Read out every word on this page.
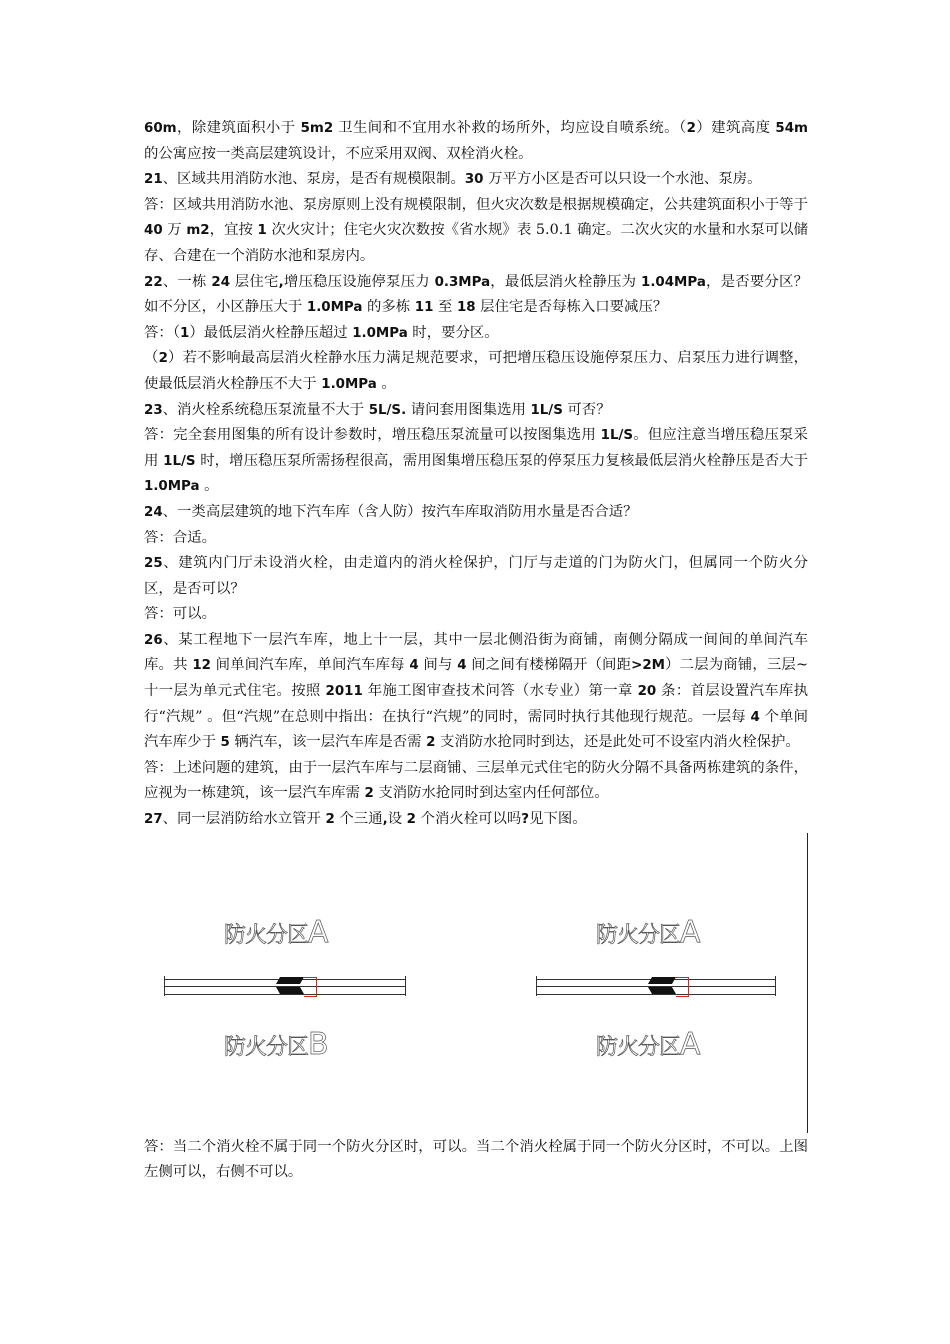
60m，除建筑面积小于 5m2 卫生间和不宜用水补救的场所外，均应设自喷系统。（2）建筑高度 54m 的公寓应按一类高层建筑设计，不应采用双阀、双栓消火栓。

21、区域共用消防水池、泵房，是否有规模限制。30 万平方小区是否可以只设一个水池、泵房。

答：区域共用消防水池、泵房原则上没有规模限制，但火灾次数是根据规模确定，公共建筑面积小于等于 40 万 m2，宜按 1 次火灾计；住宅火灾次数按《省水规》表 5.0.1 确定。二次火灾的水量和水泵可以储存、合建在一个消防水池和泵房内。

22、一栋 24 层住宅,增压稳压设施停泵压力 0.3MPa，最低层消火栓静压为 1.04MPa，是否要分区？ 如不分区，小区静压大于 1.0MPa 的多栋 11 至 18 层住宅是否每栋入口要减压？

答：（1）最低层消火栓静压超过 1.0MPa 时，要分区。

（2）若不影响最高层消火栓静水压力满足规范要求，可把增压稳压设施停泵压力、启泵压力进行调整，使最低层消火栓静压不大于 1.0MPa 。

23、消火栓系统稳压泵流量不大于 5L/S. 请问套用图集选用 1L/S 可否？

答：完全套用图集的所有设计参数时，增压稳压泵流量可以按图集选用 1L/S。但应注意当增压稳压泵采用 1L/S 时，增压稳压泵所需扬程很高，需用图集增压稳压泵的停泵压力复核最低层消火栓静压是否大于 1.0MPa 。

24、一类高层建筑的地下汽车库（含人防）按汽车库取消防用水量是否合适？

答：合适。

25、建筑内门厅未设消火栓，由走道内的消火栓保护，门厅与走道的门为防火门，但属同一个防火分区，是否可以？

答：可以。

26、某工程地下一层汽车库，地上十一层，其中一层北侧沿街为商铺，南侧分隔成一间间的单间汽车库。共 12 间单间汽车库，单间汽车库每 4 间与 4 间之间有楼梯隔开（间距>2M）二层为商铺，三层~十一层为单元式住宅。按照 2011 年施工图审查技术问答（水专业）第一章 20 条：首层设置汽车库执行“汽规” 。但“汽规”在总则中指出：在执行“汽规”的同时，需同时执行其他现行规范。一层每 4 个单间汽车库少于 5 辆汽车，该一层汽车库是否需 2 支消防水抢同时到达，还是此处可不设室内消火栓保护。

答：上述问题的建筑，由于一层汽车库与二层商铺、三层单元式住宅的防火分隔不具备两栋建筑的条件，应视为一栋建筑，该一层汽车库需 2 支消防水抢同时到达室内任何部位。

27、同一层消防给水立管开 2 个三通,设 2 个消火栓可以吗?见下图。

防火分区A
防火分区B
防火分区A
防火分区A

答：当二个消火栓不属于同一个防火分区时，可以。当二个消火栓属于同一个防火分区时，不可以。上图左侧可以，右侧不可以。
